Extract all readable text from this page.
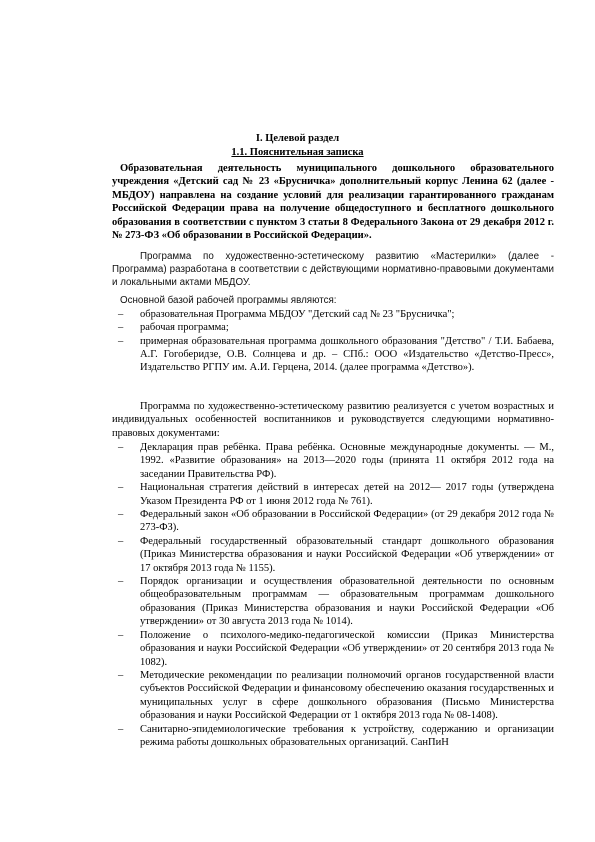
I. Целевой раздел
1.1. Пояснительная записка

Образовательная деятельность муниципального дошкольного образовательного учреждения «Детский сад № 23 «Брусничка» дополнительный корпус Ленина 62 (далее - МБДОУ) направлена на создание условий для реализации гарантированного гражданам Российской Федерации права на получение общедоступного и бесплатного дошкольного образования в соответствии с пунктом 3 статьи 8 Федерального Закона от 29 декабря 2012 г. № 273-ФЗ «Об образовании в Российской Федерации».

Программа по художественно-эстетическому развитию «Мастерилки» (далее - Программа) разработана в соответствии с действующими нормативно-правовыми документами и локальными актами МБДОУ.

Основной базой рабочей программы являются:

– образовательная Программа МБДОУ "Детский сад № 23 "Брусничка";
– рабочая программа;
– примерная образовательная программа дошкольного образования "Детство" / Т.И. Бабаева, А.Г. Гогоберидзе, О.В. Солнцева и др. – СПб.: ООО «Издательство «Детство-Пресс», Издательство РГПУ им. А.И. Герцена, 2014. (далее программа «Детство»).

Программа по художественно-эстетическому развитию реализуется с учетом возрастных и индивидуальных особенностей воспитанников и руководствуется следующими нормативно-правовых документами:

– Декларация прав ребёнка. Права ребёнка. Основные международные документы. — М., 1992. «Развитие образования» на 2013—2020 годы (принята 11 октября 2012 года на заседании Правительства РФ).
– Национальная стратегия действий в интересах детей на 2012— 2017 годы (утверждена Указом Президента РФ от 1 июня 2012 года № 761).
– Федеральный закон «Об образовании в Российской Федерации» (от 29 декабря 2012 года № 273-ФЗ).
– Федеральный государственный образовательный стандарт дошкольного образования (Приказ Министерства образования и науки Российской Федерации «Об утверждении» от 17 октября 2013 года № 1155).
– Порядок организации и осуществления образовательной деятельности по основным общеобразовательным программам — образовательным программам дошкольного образования (Приказ Министерства образования и науки Российской Федерации «Об утверждении» от 30 августа 2013 года № 1014).
– Положение о психолого-медико-педагогической комиссии (Приказ Министерства образования и науки Российской Федерации «Об утверждении» от 20 сентября 2013 года № 1082).
– Методические рекомендации по реализации полномочий органов государственной власти субъектов Российской Федерации и финансовому обеспечению оказания государственных и муниципальных услуг в сфере дошкольного образования (Письмо Министерства образования и науки Российской Федерации от 1 октября 2013 года № 08-1408).
– Санитарно-эпидемиологические требования к устройству, содержанию и организации режима работы дошкольных образовательных организаций. СанПиН
